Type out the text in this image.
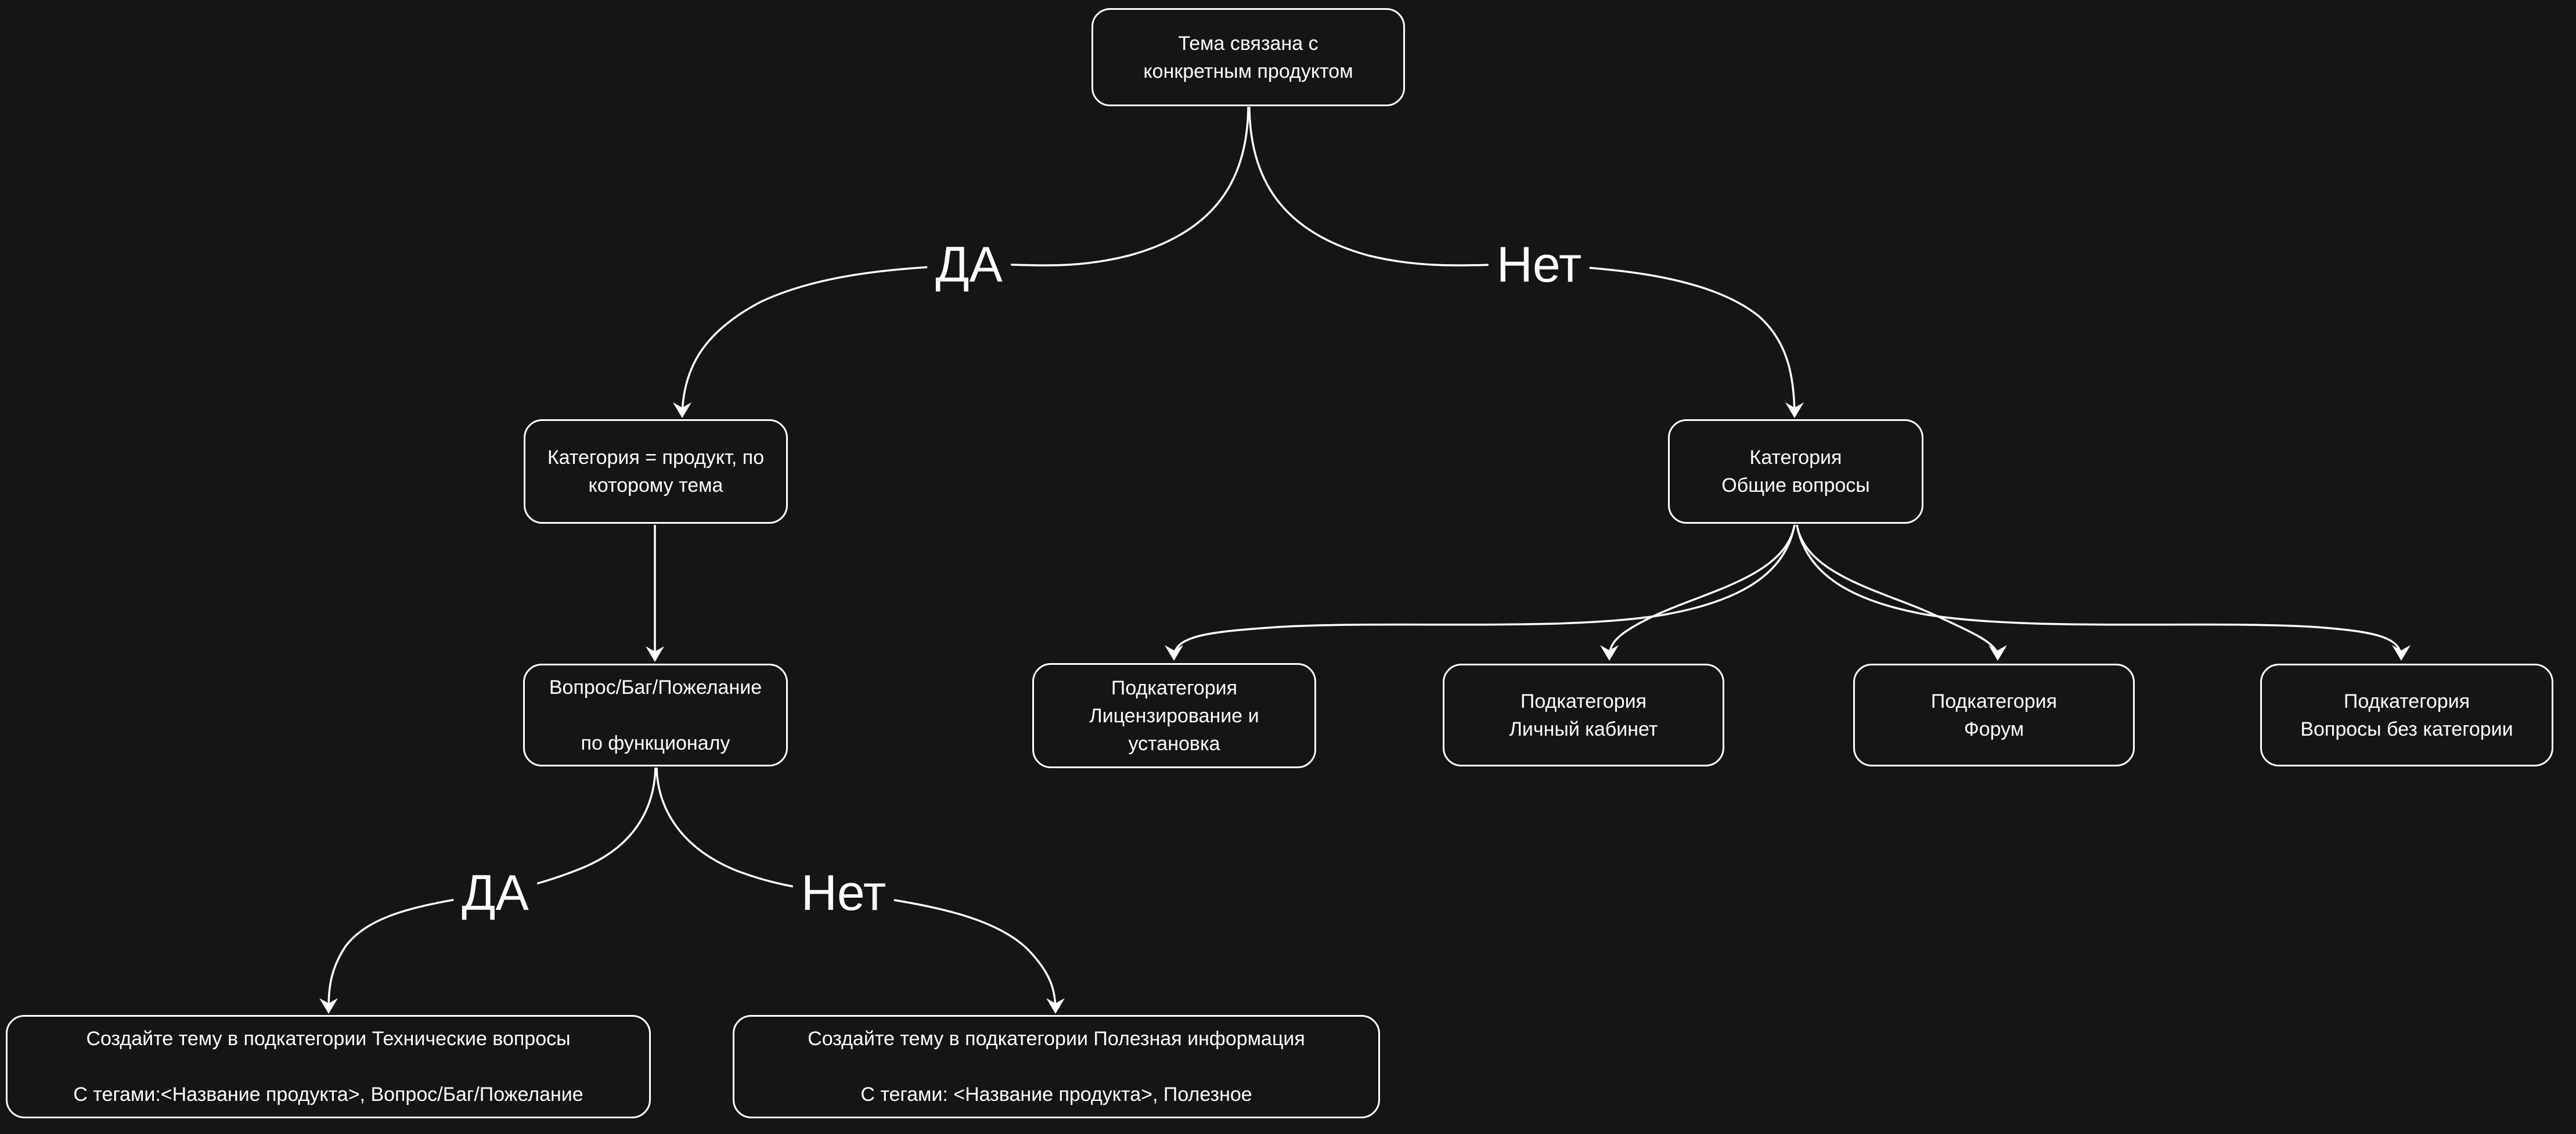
Тема связана с
конкретным продуктом
Категория = продукт, по
которому тема
Вопрос/Баг/Пожелание
по функционалу
Категория
Общие вопросы
Подкатегория
Лицензирование и
установка
Подкатегория
Личный кабинет
Подкатегория
Форум
Подкатегория
Вопросы без категории
Создайте тему в подкатегории Технические вопросы
С тегами:<Название продукта>, Вопрос/Баг/Пожелание
Создайте тему в подкатегории Полезная информация
С тегами: <Название продукта>, Полезное
ДА	Нет
ДА	Нет
